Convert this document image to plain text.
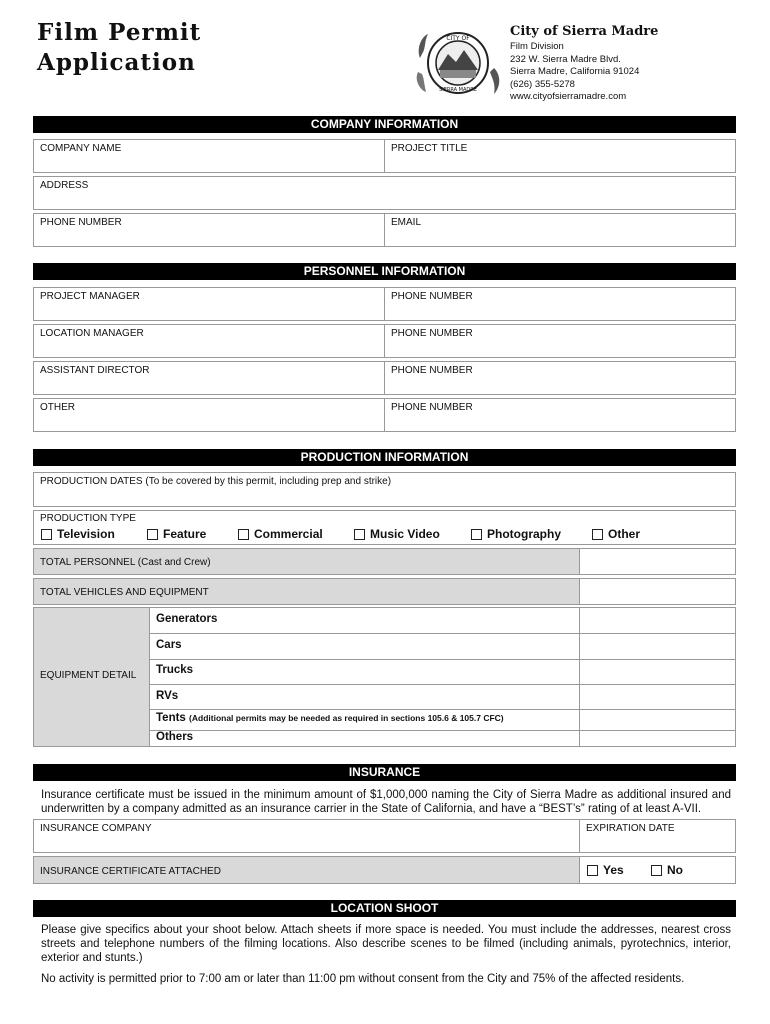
Film Permit
Application
CITY OF
SIERRA MADRE
City of Sierra Madre
Film Division
232 W. Sierra Madre Blvd.
Sierra Madre, California 91024
(626) 355-5278
www.cityofsierramadre.com
COMPANY INFORMATION
COMPANY NAME	PROJECT TITLE
ADDRESS
PHONE NUMBER	EMAIL
PERSONNEL INFORMATION
PROJECT MANAGER	PHONE NUMBER
LOCATION MANAGER	PHONE NUMBER
ASSISTANT DIRECTOR	PHONE NUMBER
OTHER	PHONE NUMBER
PRODUCTION INFORMATION
PRODUCTION DATES (To be covered by this permit, including prep and strike)
PRODUCTION TYPE
Television	Feature	Commercial	Music Video	Photography	Other
TOTAL PERSONNEL (Cast and Crew)
TOTAL VEHICLES AND EQUIPMENT
EQUIPMENT DETAIL
Generators
Cars
Trucks
RVs
Tents (Additional permits may be needed as required in sections 105.6 & 105.7 CFC)
Others
INSURANCE
Insurance certificate must be issued in the minimum amount of $1,000,000 naming the City of Sierra Madre as additional insured and underwritten by a company admitted as an insurance carrier in the State of California, and have a “BEST’s” rating of at least A-VII.
INSURANCE COMPANY	EXPIRATION DATE
INSURANCE CERTIFICATE ATTACHED	Yes	No
LOCATION SHOOT
Please give specifics about your shoot below. Attach sheets if more space is needed. You must include the addresses, nearest cross streets and telephone numbers of the filming locations. Also describe scenes to be filmed (including animals, pyrotechnics, interior, exterior and stunts.)
No activity is permitted prior to 7:00 am or later than 11:00 pm without consent from the City and 75% of the affected residents.
